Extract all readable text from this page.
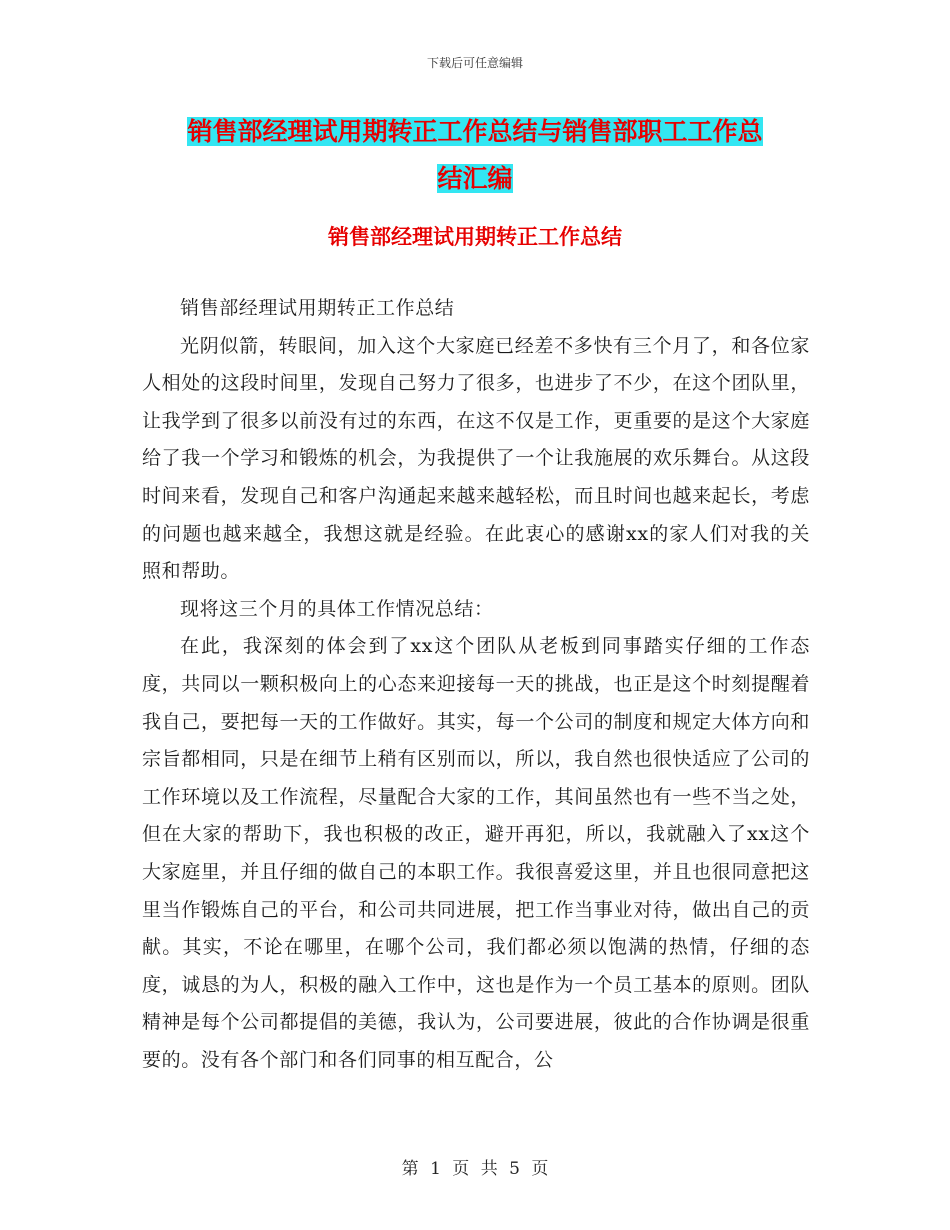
下载后可任意编辑
销售部经理试用期转正工作总结与销售部职工工作总
结汇编
销售部经理试用期转正工作总结

销售部经理试用期转正工作总结

光阴似箭，转眼间，加入这个大家庭已经差不多快有三个月了，和各位家人相处的这段时间里，发现自己努力了很多，也进步了不少，在这个团队里，让我学到了很多以前没有过的东西，在这不仅是工作，更重要的是这个大家庭给了我一个学习和锻炼的机会，为我提供了一个让我施展的欢乐舞台。从这段时间来看，发现自己和客户沟通起来越来越轻松，而且时间也越来起长，考虑的问题也越来越全，我想这就是经验。在此衷心的感谢xx的家人们对我的关照和帮助。

现将这三个月的具体工作情况总结：

在此，我深刻的体会到了xx这个团队从老板到同事踏实仔细的工作态度，共同以一颗积极向上的心态来迎接每一天的挑战，也正是这个时刻提醒着我自己，要把每一天的工作做好。其实，每一个公司的制度和规定大体方向和宗旨都相同，只是在细节上稍有区别而以，所以，我自然也很快适应了公司的工作环境以及工作流程，尽量配合大家的工作，其间虽然也有一些不当之处，但在大家的帮助下，我也积极的改正，避开再犯，所以，我就融入了xx这个大家庭里，并且仔细的做自己的本职工作。我很喜爱这里，并且也很同意把这里当作锻炼自己的平台，和公司共同进展，把工作当事业对待，做出自己的贡献。其实，不论在哪里，在哪个公司，我们都必须以饱满的热情，仔细的态度，诚恳的为人，积极的融入工作中，这也是作为一个员工基本的原则。团队精神是每个公司都提倡的美德，我认为，公司要进展，彼此的合作协调是很重要的。没有各个部门和各们同事的相互配合，公

第 1 页 共 5 页
